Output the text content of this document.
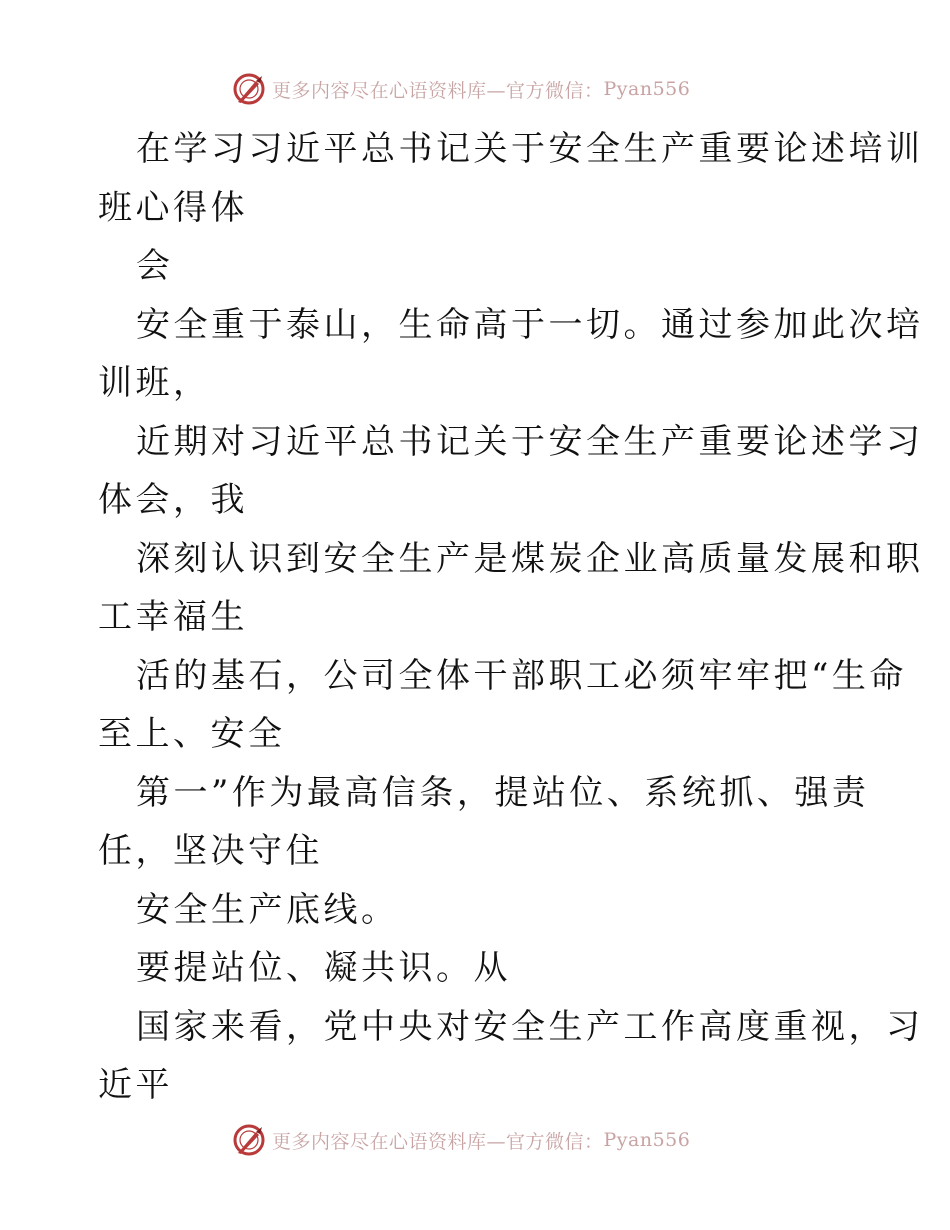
更多内容尽在心语资料库—官方微信： Pyan556

在学习习近平总书记关于安全生产重要论述培训

班心得体

会

安全重于泰山，生命高于一切。通过参加此次培

训班，

近期对习近平总书记关于安全生产重要论述学习

体会，我

深刻认识到安全生产是煤炭企业高质量发展和职

工幸福生

活的基石，公司全体干部职工必须牢牢把“生命

至上、安全

第一”作为最高信条，提站位、系统抓、强责

任，坚决守住

安全生产底线。

要提站位、凝共识。从

国家来看，党中央对安全生产工作高度重视，习

近平

更多内容尽在心语资料库—官方微信： Pyan556
